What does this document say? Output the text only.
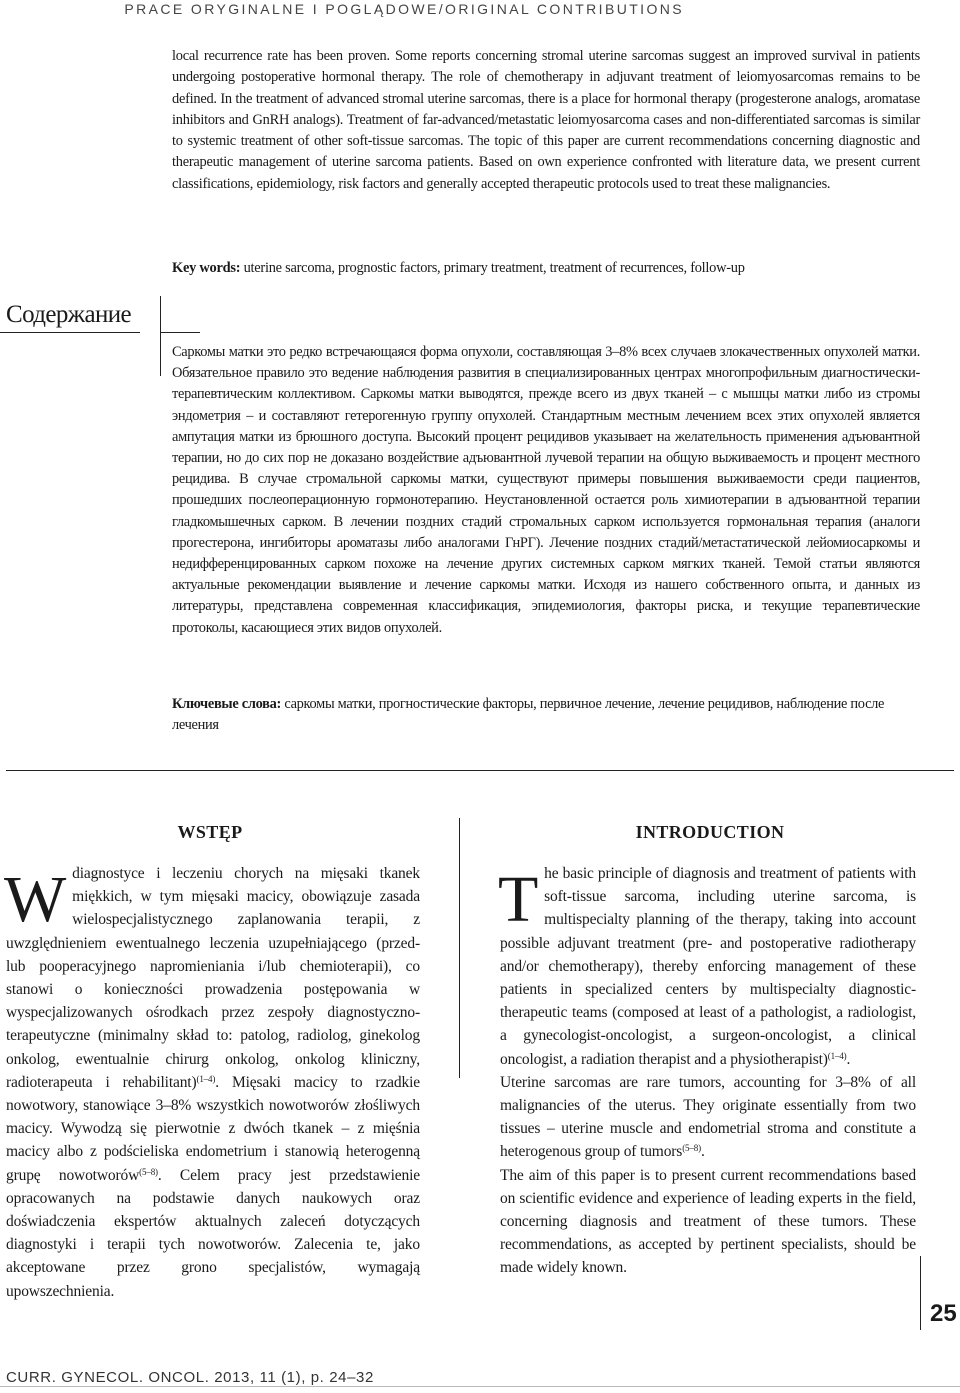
PRACE ORYGINALNE I POGLĄDOWE/ORIGINAL CONTRIBUTIONS

local recurrence rate has been proven. Some reports concerning stromal uterine sarcomas suggest an improved survival in patients undergoing postoperative hormonal therapy. The role of chemotherapy in adjuvant treatment of leiomyosarcomas remains to be defined. In the treatment of advanced stromal uterine sarcomas, there is a place for hormonal therapy (progesterone analogs, aromatase inhibitors and GnRH analogs). Treatment of far-advanced/metastatic leiomyosarcoma cases and non-differentiated sarcomas is similar to systemic treatment of other soft-tissue sarcomas. The topic of this paper are current recommendations concerning diagnostic and therapeutic management of uterine sarcoma patients. Based on own experience confronted with literature data, we present current classifications, epidemiology, risk factors and generally accepted therapeutic protocols used to treat these malignancies.

Key words: uterine sarcoma, prognostic factors, primary treatment, treatment of recurrences, follow-up

Содержание

Саркомы матки это редко встречающаяся форма опухоли, составляющая 3–8% всех случаев злокачественных опухолей матки. Обязательное правило это ведение наблюдения развития в специализированных центрах многопрофильным диагностически-терапевтическим коллективом. Саркомы матки выводятся, прежде всего из двух тканей – с мышцы матки либо из стромы эндометрия – и составляют гетерогенную группу опухолей. Стандартным местным лечением всех этих опухолей является ампутация матки из брюшного доступа. Высокий процент рецидивов указывает на желательность применения адъювантной терапии, но до сих пор не доказано воздействие адъювантной лучевой терапии на общую выживаемость и процент местного рецидива. В случае стромальной саркомы матки, существуют примеры повышения выживаемости среди пациентов, прошедших послеоперационную гормонотерапию. Неустановленной остается роль химиотерапии в адъювантной терапии гладкомышечных сарком. В лечении поздних стадий стромальных сарком используется гормональная терапия (аналоги прогестерона, ингибиторы ароматазы либо аналогами ГнРГ). Лечение поздних стадий/метастатической лейомиосаркомы и недифференцированных сарком похоже на лечение других системных сарком мягких тканей. Темой статьи являются актуальные рекомендации выявление и лечение саркомы матки. Исходя из нашего собственного опыта, и данных из литературы, представлена современная классификация, эпидемиология, факторы риска, и текущие терапевтические протоколы, касающиеся этих видов опухолей.

Ключевые слова: саркомы матки, прогностические факторы, первичное лечение, лечение рецидивов, наблюдение после лечения

WSTĘP	INTRODUCTION
Wdiagnostyce i leczeniu chorych na mięsaki tkanek miękkich, w tym mięsaki macicy, obowiązuje zasada wielospecjalistycznego zaplanowania terapii, z uwzględnieniem ewentualnego leczenia uzupełniającego (przed- lub pooperacyjnego napromieniania i/lub chemioterapii), co stanowi o konieczności prowadzenia postępowania w wyspecjalizowanych ośrodkach przez zespoły diagnostyczno-terapeutyczne (minimalny skład to: patolog, radiolog, ginekolog onkolog, ewentualnie chirurg onkolog, onkolog kliniczny, radioterapeuta i rehabilitant)$^{(1-4)}$. Mięsaki macicy to rzadkie nowotwory, stanowiące 3–8% wszystkich nowotworów złośliwych macicy. Wywodzą się pierwotnie z dwóch tkanek – z mięśnia macicy albo z podścieliska endometrium i stanowią heterogenną grupę nowotworów$^{(5-8)}$. Celem pracy jest przedstawienie opracowanych na podstawie danych naukowych oraz doświadczenia ekspertów aktualnych zaleceń dotyczących diagnostyki i terapii tych nowotworów. Zalecenia te, jako akceptowane przez grono specjalistów, wymagają upowszechnienia.
The basic principle of diagnosis and treatment of patients with soft-tissue sarcoma, including uterine sarcoma, is multispecialty planning of the therapy, taking into account possible adjuvant treatment (pre- and postoperative radiotherapy and/or chemotherapy), thereby enforcing management of these patients in specialized centers by multispecialty diagnostic-therapeutic teams (composed at least of a pathologist, a radiologist, a gynecologist-oncologist, a surgeon-oncologist, a clinical oncologist, a radiation therapist and a physiotherapist)$^{(1-4)}$.
Uterine sarcomas are rare tumors, accounting for 3–8% of all malignancies of the uterus. They originate essentially from two tissues – uterine muscle and endometrial stroma and constitute a heterogenous group of tumors$^{(5-8)}$.
The aim of this paper is to present current recommendations based on scientific evidence and experience of leading experts in the field, concerning diagnosis and treatment of these tumors. These recommendations, as accepted by pertinent specialists, should be made widely known.
25
CURR. GYNECOL. ONCOL. 2013, 11 (1), p. 24–32
